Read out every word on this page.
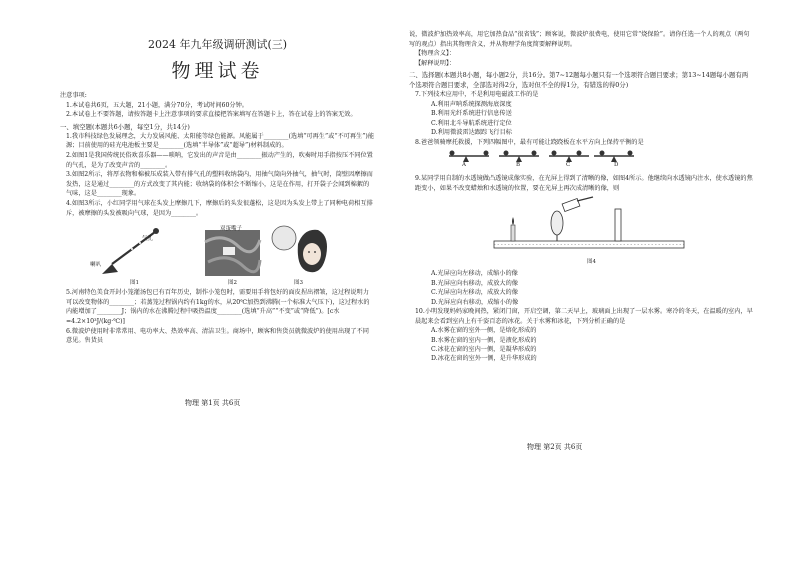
2024 年九年级调研测试(三)
物理试卷

注意事项:

1.本试卷共6页，五大题，21小题，满分70分，考试时间60分钟。

2.本试卷上不要答题，请按答题卡上注意事项的要求直接把答案填写在答题卡上，答在试卷上的答案无效。

一、填空题(本题共6小题，每空1分，共14分)

1.我市科技绿色发展理念，大力发展风能、太阳能等绿色能源。风能属于________(选填“可再生”或“不可再生”)能源；目前使用的硅光电池板主要是________(选填“半导体”或“超导”)材料制成的。

2.如图1是我国传统民俗欢喜乐器——唢呐，它发出的声音是由________振动产生的，吹奏时用手指按压不同位置的气孔，是为了改变声音的________。

3.如图2所示，将厚衣物和棉被压成装入带有排气孔的塑料收纳袋内，用抽气筒向外抽气，抽气时，筒壁因摩擦而发热，这是通过________的方式改变了其内能；收纳袋的体积会不断缩小，这是在作用，打开袋子会闻到棉絮的气味，这是________现象。

4.如图3所示，小红同学用气球在头发上摩擦几下，摩擦后的头发很蓬松，这是因为头发上带上了同种电荷相互排斥，被摩擦的头发被吸向气球，是因为________。

气孔
喇叭
双蛋嘴子
图1	图2	图3

5.河南特色美食开封小笼灌汤包已有百年历史，制作小笼包时，需要用手将包好的面皮捏出褶皱，这过程说明力可以改变物体的________；若蒸笼过程锅内约有1kg的水，从20℃加热到沸腾(一个标准大气压下)，这过程水的内能增加了________J；锅内的水在沸腾过程中吸热温度________(选填“升高”“不变”或“降低”)。[c水=4.2×10³J/(kg·℃)]

6.微波炉使用时非常常用、电功率大、热效率高、清洁卫生。商场中，顾客和售货员就微波炉的使用出现了不同意见。售货员

物理 第1页 共6页

说，微波炉加热效率高，用它加热食品“很省钱”；顾客说，微波炉很费电，使用它常“烧保险”。请你任选一个人的观点（两句写的观点）指出其物理含义，并从物理学角度简要解释说明。

【物理含义】：

【解释说明】：

二、选择题(本题共8小题，每小题2分，共16分。第7~12题每小题只有一个选项符合题目要求；第13~14题每小题有两个选项符合题目要求，全部选对得2分，选对但不全的得1分，有错选的得0分)

7.下列技术应用中，不是利用电磁波工作的是

A.利用声呐系统探测海底深度

B.利用光纤系统进行信息传送

C.利用北斗导航系统进行定位

D.利用微波雷达跟踪飞行目标

8.爸爸领骑摩托救援，下列四幅图中，最有可能让跷跷板在水平方向上保持平衡的是

A	B	C	D

9.某同学用自制的水透镜做凸透镜成像实验，在光屏上得到了清晰的像，如图4所示。他继续向水透镜内注水，使水透镜的焦距变小，如果不改变蜡烛和水透镜的位置，要在光屏上再次成清晰的像，则

图4

A.光屏应向左移动，成缩小的像

B.光屏应向右移动，成放大的像

C.光屏应向左移动，成放大的像

D.光屏应向右移动，成缩小的像

10.小明发现妈妈家晚间热，紧闭门窗，开启空调，第二天早上，玻璃面上出现了一层水雾。寒冷的冬天，在温暖的室内，早晨起来会看到室内上有千姿百态的冰花。关于水雾和冰花，下列分析正确的是

A.水雾在窗的室外一侧，是熔化形成的

B.水雾在窗的室内一侧，是液化形成的

C.冰花在窗的室内一侧，是凝华形成的

D.冰花在窗的室外一侧，是升华形成的

物理 第2页 共6页
